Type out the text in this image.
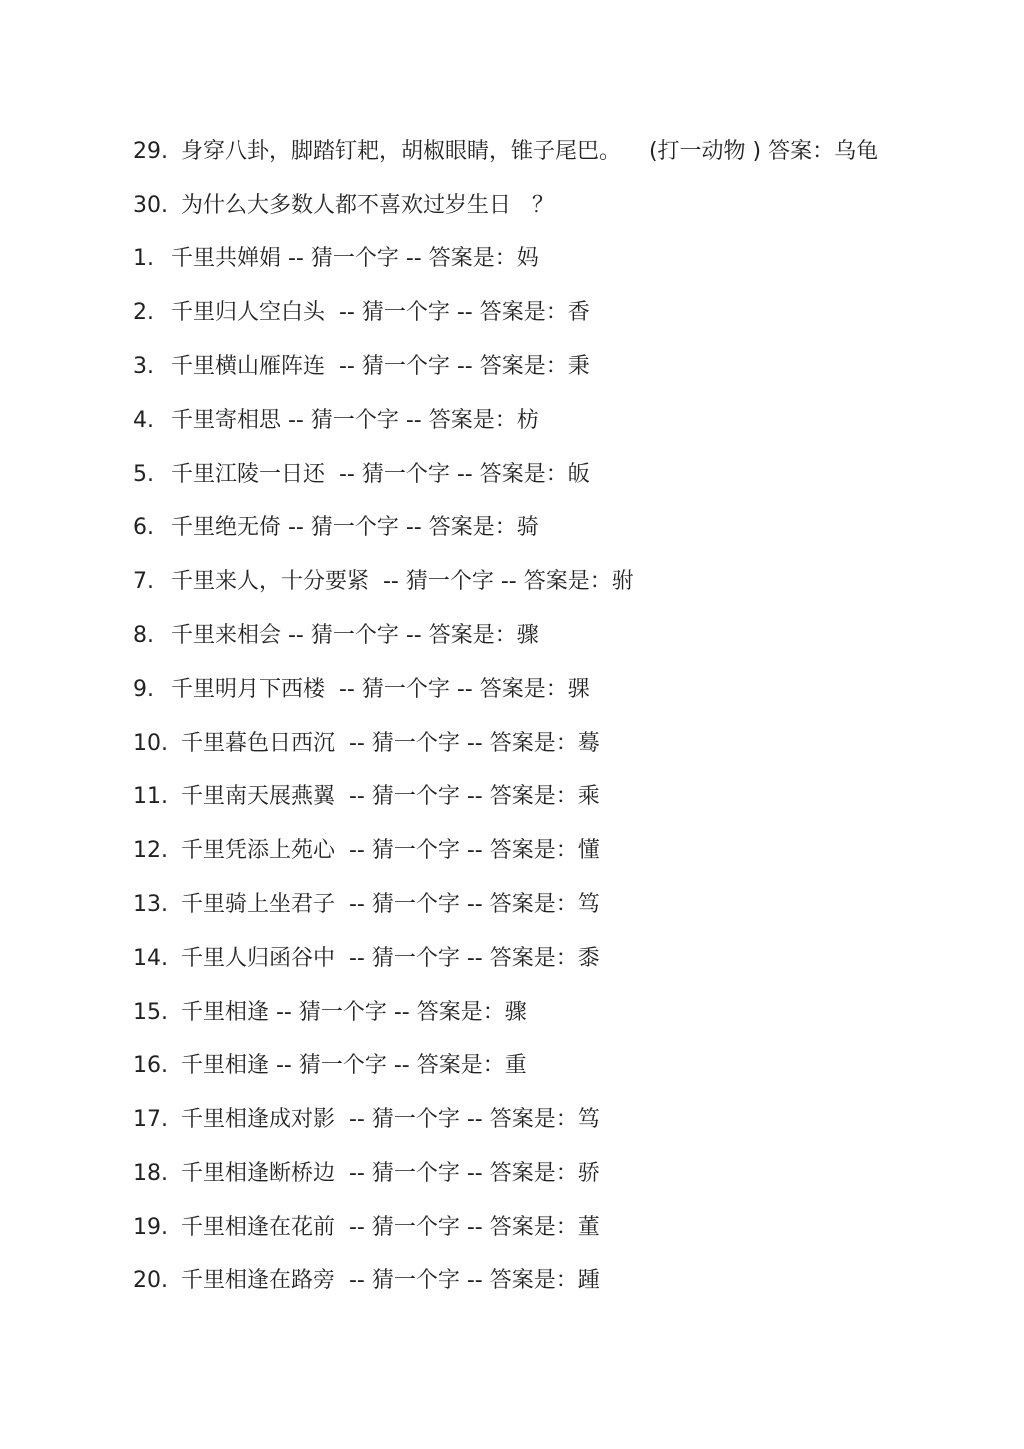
29. 身穿八卦，脚踏钉耙，胡椒眼睛，锥子尾巴。    (打一动物 ) 答案：乌龟
30. 为什么大多数人都不喜欢过岁生日   ？
1. 千里共婵娟 -- 猜一个字 -- 答案是：妈
2. 千里归人空白头  -- 猜一个字 -- 答案是：香
3. 千里横山雁阵连  -- 猜一个字 -- 答案是：秉
4. 千里寄相思 -- 猜一个字 -- 答案是：枋
5. 千里江陵一日还  -- 猜一个字 -- 答案是：皈
6. 千里绝无倚 -- 猜一个字 -- 答案是：骑
7. 千里来人，十分要紧  -- 猜一个字 -- 答案是：驸
8. 千里来相会 -- 猜一个字 -- 答案是：骤
9. 千里明月下西楼  -- 猜一个字 -- 答案是：骒
10. 千里暮色日西沉  -- 猜一个字 -- 答案是：蓦
11. 千里南天展燕翼  -- 猜一个字 -- 答案是：乘
12. 千里凭添上苑心  -- 猜一个字 -- 答案是：懂
13. 千里骑上坐君子  -- 猜一个字 -- 答案是：笃
14. 千里人归函谷中  -- 猜一个字 -- 答案是：黍
15. 千里相逢 -- 猜一个字 -- 答案是：骤
16. 千里相逢 -- 猜一个字 -- 答案是：重
17. 千里相逢成对影  -- 猜一个字 -- 答案是：笃
18. 千里相逢断桥边  -- 猜一个字 -- 答案是：骄
19. 千里相逢在花前  -- 猜一个字 -- 答案是：董
20. 千里相逢在路旁  -- 猜一个字 -- 答案是：踵
